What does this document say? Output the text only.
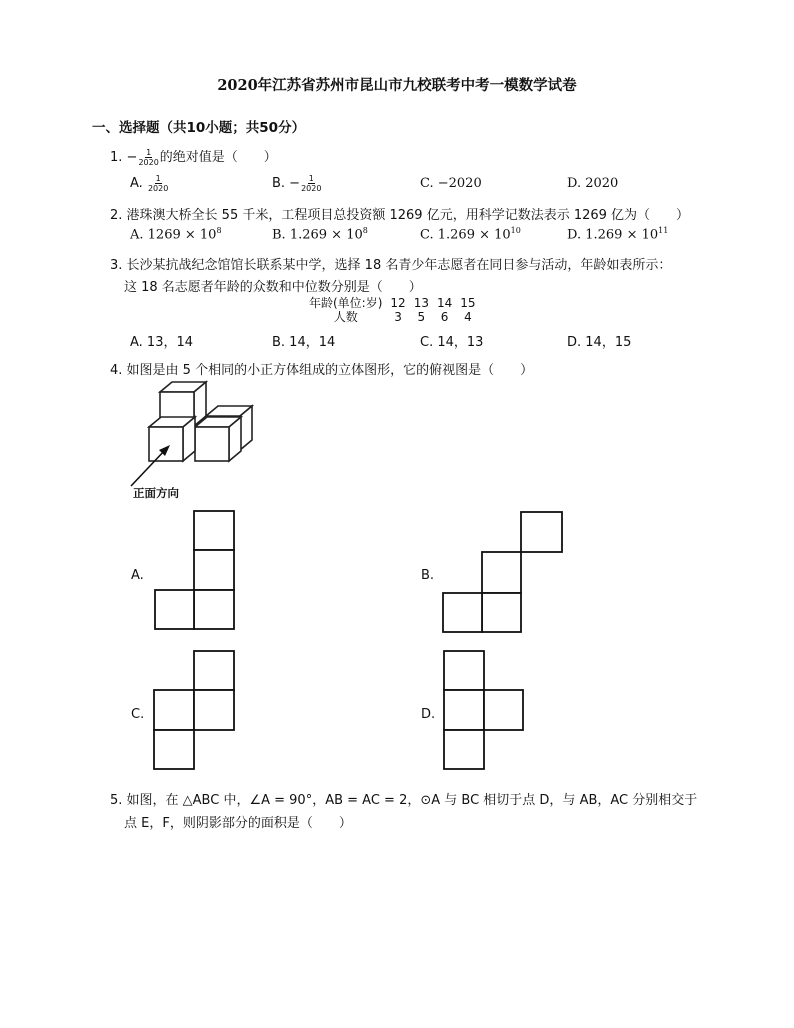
2020年江苏省苏州市昆山市九校联考中考一模数学试卷
一、选择题（共10小题；共50分）
1. − $\frac{1}{2020}$ 的绝对值是（　　）
A. $\frac{1}{2020}$	B. − $\frac{1}{2020}$	C. −2020	D. 2020
2. 港珠澳大桥全长 55 千米，工程项目总投资额 1269 亿元，用科学记数法表示 1269 亿为（　　）
A. $1269 \times 10^8$	B. $1.269 \times 10^8$	C. $1.269 \times 10^{10}$	D. $1.269 \times 10^{11}$
3. 长沙某抗战纪念馆馆长联系某中学，选择 18 名青少年志愿者在同日参与活动，年龄如表所示：
这 18 名志愿者年龄的众数和中位数分别是（　　）
年龄(单位:岁)	12	13	14	15
人数	3	5	6	4
A. 13，14	B. 14，14	C. 14，13	D. 14，15
4. 如图是由 5 个相同的小正方体组成的立体图形，它的俯视图是（　　）
正面方向
A.	B.
C.	D.
5. 如图，在 △ABC 中，∠A = 90°，AB = AC = 2，⊙A 与 BC 相切于点 D，与 AB，AC 分别相交于
点 E，F，则阴影部分的面积是（　　）
